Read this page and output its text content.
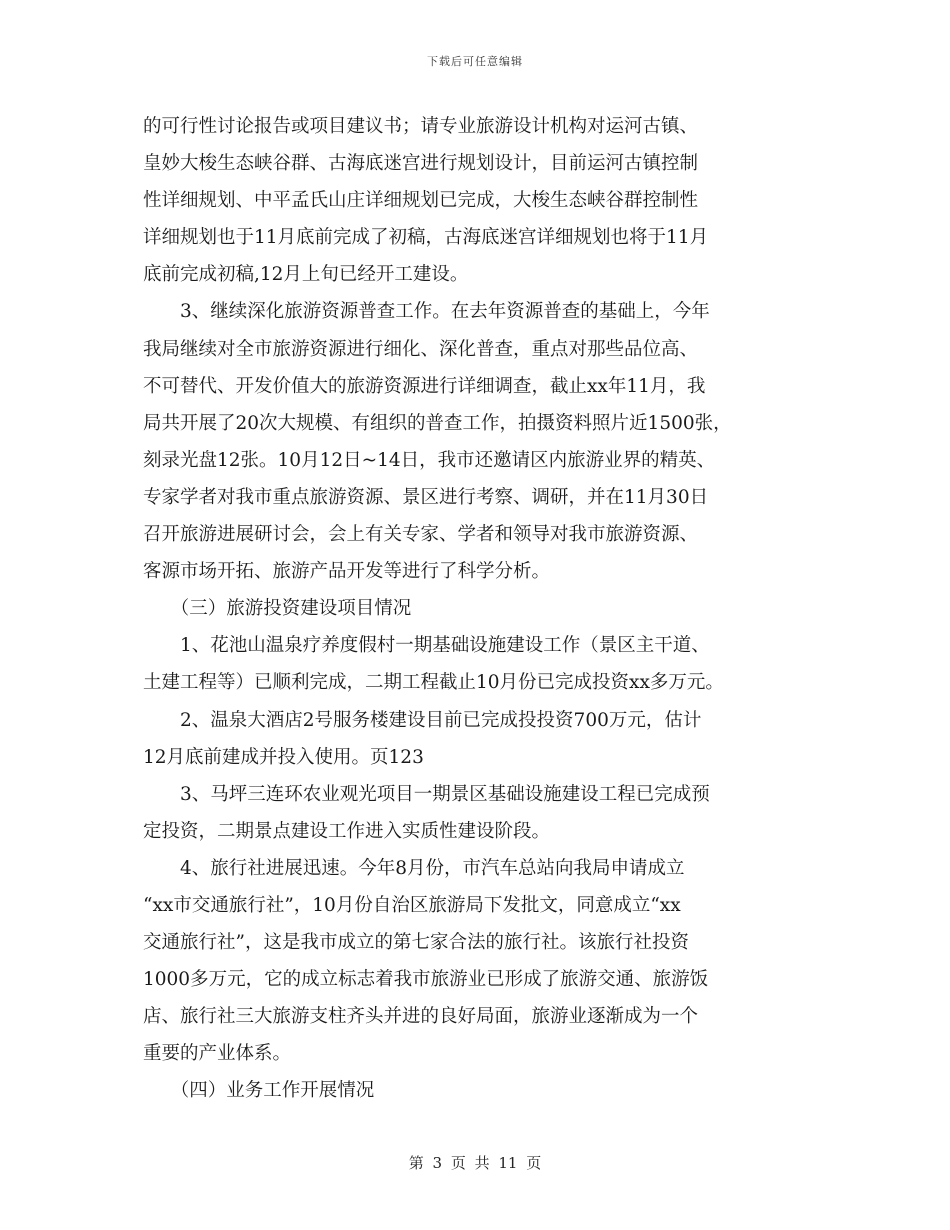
下载后可任意编辑
的可行性讨论报告或项目建议书；请专业旅游设计机构对运河古镇、
皇妙大梭生态峡谷群、古海底迷宫进行规划设计，目前运河古镇控制
性详细规划、中平孟氏山庄详细规划已完成，大梭生态峡谷群控制性
详细规划也于11月底前完成了初稿，古海底迷宫详细规划也将于11月
底前完成初稿,12月上旬已经开工建设。
　　3、继续深化旅游资源普查工作。在去年资源普查的基础上，今年
我局继续对全市旅游资源进行细化、深化普查，重点对那些品位高、
不可替代、开发价值大的旅游资源进行详细调查，截止xx年11月，我
局共开展了20次大规模、有组织的普查工作，拍摄资料照片近1500张，
刻录光盘12张。10月12日~14日，我市还邀请区内旅游业界的精英、
专家学者对我市重点旅游资源、景区进行考察、调研，并在11月30日
召开旅游进展研讨会，会上有关专家、学者和领导对我市旅游资源、
客源市场开拓、旅游产品开发等进行了科学分析。
　　（三）旅游投资建设项目情况
　　1、花池山温泉疗养度假村一期基础设施建设工作（景区主干道、
土建工程等）已顺利完成，二期工程截止10月份已完成投资xx多万元。
　　2、温泉大酒店2号服务楼建设目前已完成投投资700万元，估计
12月底前建成并投入使用。页123
　　3、马坪三连环农业观光项目一期景区基础设施建设工程已完成预
定投资，二期景点建设工作进入实质性建设阶段。
　　4、旅行社进展迅速。今年8月份，市汽车总站向我局申请成立
“xx市交通旅行社”，10月份自治区旅游局下发批文，同意成立“xx
交通旅行社”，这是我市成立的第七家合法的旅行社。该旅行社投资
1000多万元，它的成立标志着我市旅游业已形成了旅游交通、旅游饭
店、旅行社三大旅游支柱齐头并进的良好局面，旅游业逐渐成为一个
重要的产业体系。
　　（四）业务工作开展情况
第 3 页 共 11 页
